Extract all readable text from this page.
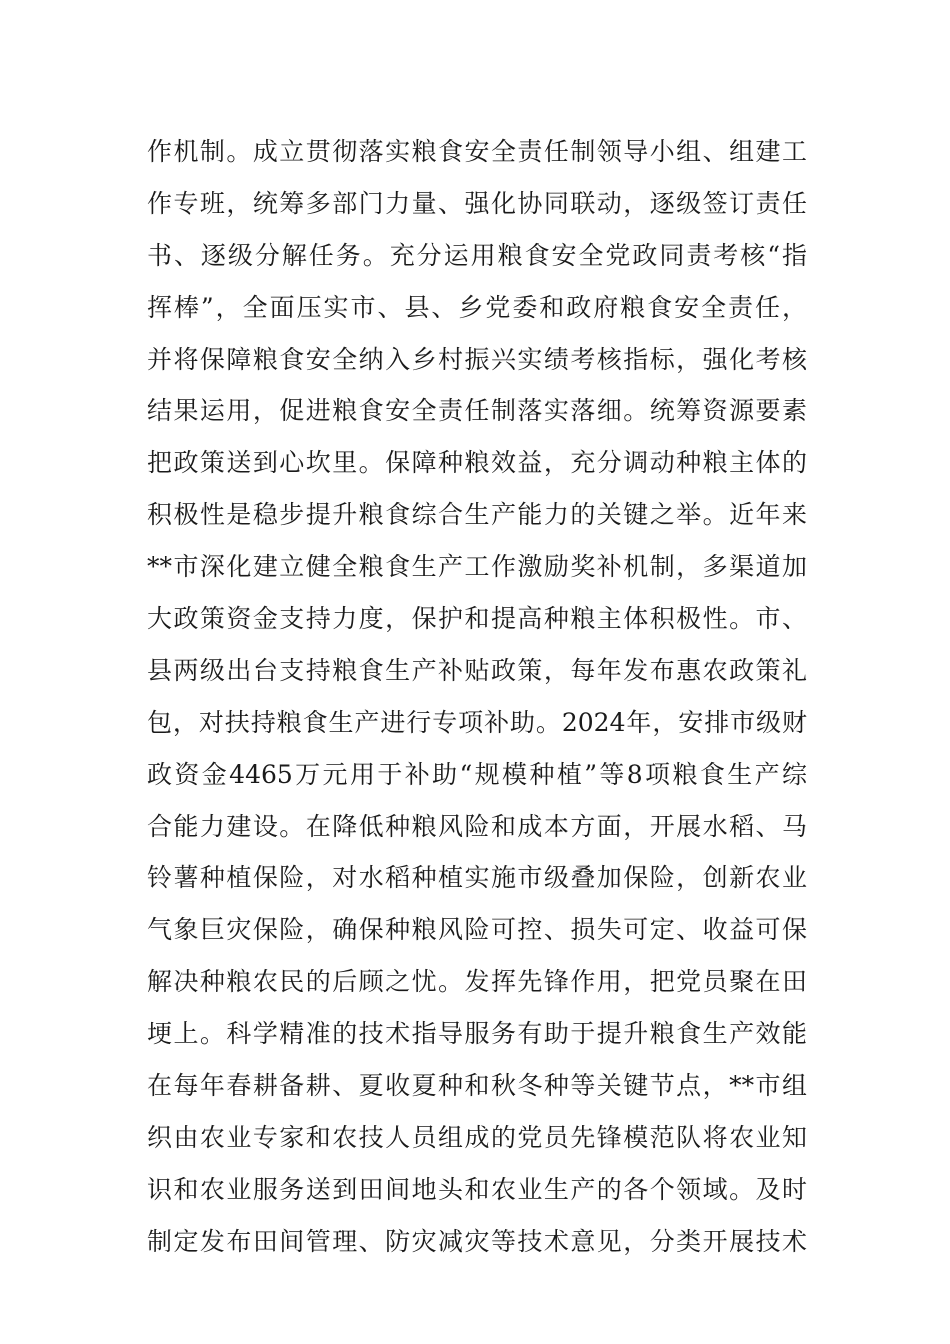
作机制。成立贯彻落实粮食安全责任制领导小组、组建工
作专班，统筹多部门力量、强化协同联动，逐级签订责任
书、逐级分解任务。充分运用粮食安全党政同责考核“指
挥棒”，全面压实市、县、乡党委和政府粮食安全责任，
并将保障粮食安全纳入乡村振兴实绩考核指标，强化考核
结果运用，促进粮食安全责任制落实落细。统筹资源要素
把政策送到心坎里。保障种粮效益，充分调动种粮主体的
积极性是稳步提升粮食综合生产能力的关键之举。近年来
**市深化建立健全粮食生产工作激励奖补机制，多渠道加
大政策资金支持力度，保护和提高种粮主体积极性。市、
县两级出台支持粮食生产补贴政策，每年发布惠农政策礼
包，对扶持粮食生产进行专项补助。2024年，安排市级财
政资金4465万元用于补助“规模种植”等8项粮食生产综
合能力建设。在降低种粮风险和成本方面，开展水稻、马
铃薯种植保险，对水稻种植实施市级叠加保险，创新农业
气象巨灾保险，确保种粮风险可控、损失可定、收益可保
解决种粮农民的后顾之忧。发挥先锋作用，把党员聚在田
埂上。科学精准的技术指导服务有助于提升粮食生产效能
在每年春耕备耕、夏收夏种和秋冬种等关键节点，**市组
织由农业专家和农技人员组成的党员先锋模范队将农业知
识和农业服务送到田间地头和农业生产的各个领域。及时
制定发布田间管理、防灾减灾等技术意见，分类开展技术
